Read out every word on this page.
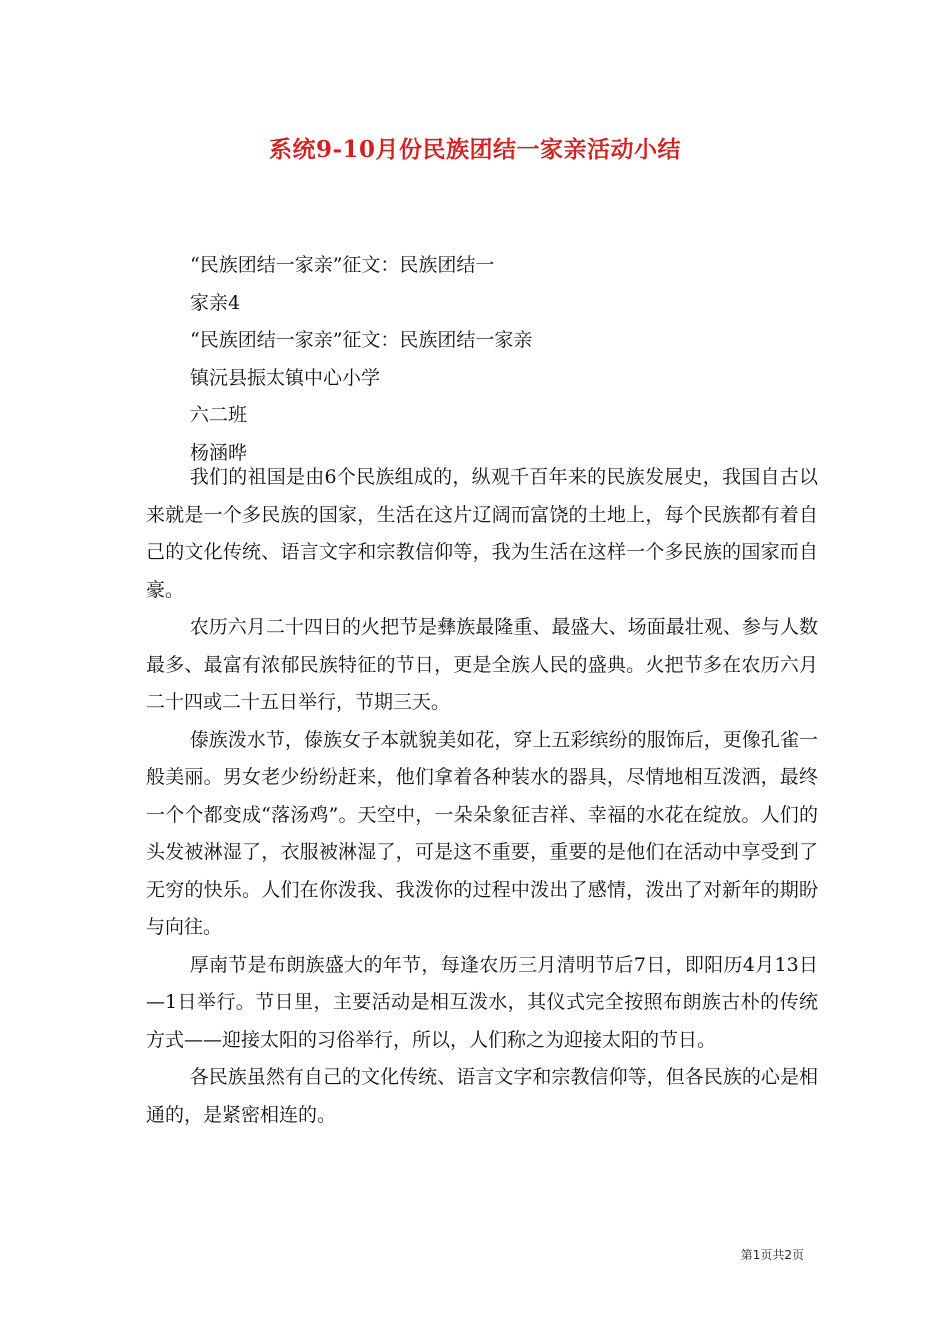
系统9-10月份民族团结一家亲活动小结
“民族团结一家亲”征文：民族团结一
家亲4
“民族团结一家亲”征文：民族团结一家亲
镇沅县振太镇中心小学
六二班
杨涵晔

我们的祖国是由6个民族组成的，纵观千百年来的民族发展史，我国自古以来就是一个多民族的国家，生活在这片辽阔而富饶的土地上，每个民族都有着自己的文化传统、语言文字和宗教信仰等，我为生活在这样一个多民族的国家而自豪。

农历六月二十四日的火把节是彝族最隆重、最盛大、场面最壮观、参与人数最多、最富有浓郁民族特征的节日，更是全族人民的盛典。火把节多在农历六月二十四或二十五日举行，节期三天。

傣族泼水节，傣族女子本就貌美如花，穿上五彩缤纷的服饰后，更像孔雀一般美丽。男女老少纷纷赶来，他们拿着各种装水的器具，尽情地相互泼洒，最终一个个都变成“落汤鸡”。天空中，一朵朵象征吉祥、幸福的水花在绽放。人们的头发被淋湿了，衣服被淋湿了，可是这不重要，重要的是他们在活动中享受到了无穷的快乐。人们在你泼我、我泼你的过程中泼出了感情，泼出了对新年的期盼与向往。

厚南节是布朗族盛大的年节，每逢农历三月清明节后7日，即阳历4月13日—1日举行。节日里，主要活动是相互泼水，其仪式完全按照布朗族古朴的传统方式——迎接太阳的习俗举行，所以，人们称之为迎接太阳的节日。

各民族虽然有自己的文化传统、语言文字和宗教信仰等，但各民族的心是相通的，是紧密相连的。

第1页共2页
